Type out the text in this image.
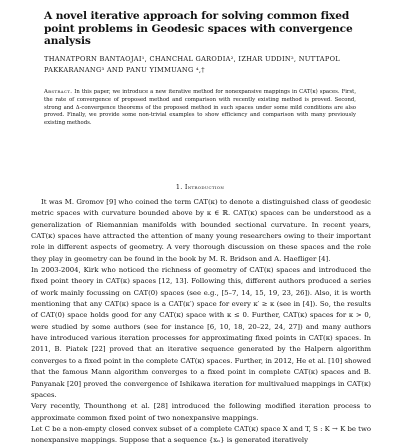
A novel iterative approach for solving common fixed point problems in Geodesic spaces with convergence analysis
THANATPORN BANTAOJAI¹, CHANCHAL GARODIA², IZHAR UDDIN², NUTTAPOL PAKKARANANG³ AND PANU YIMMUANG ⁴,†
Abstract. In this paper, we introduce a new iterative method for nonexpansive mappings in CAT(κ) spaces. First, the rate of convergence of proposed method and comparison with recently existing method is proved. Second, strong and Δ-convergence theorems of the proposed method in such spaces under some mild conditions are also proved. Finally, we provide some non-trivial examples to show efficiency and comparison with many previously existing methods.
1. Introduction

It was M. Gromov [9] who coined the term CAT(κ) to denote a distinguished class of geodesic metric spaces with curvature bounded above by κ ∈ ℝ. CAT(κ) spaces can be understood as a generalization of Riemannian manifolds with bounded sectional curvature. In recent years, CAT(κ) spaces have attracted the attention of many young researchers owing to their important role in different aspects of geometry. A very thorough discussion on these spaces and the role they play in geometry can be found in the book by M. R. Bridson and A. Haefliger [4].

In 2003-2004, Kirk who noticed the richness of geometry of CAT(κ) spaces and introduced the fixed point theory in CAT(κ) spaces [12, 13]. Following this, different authors produced a series of work mainly focussing on CAT(0) spaces (see e.g., [5–7, 14, 15, 19, 23, 26]). Also, it is worth mentioning that any CAT(κ) space is a CAT(κ′) space for every κ′ ≥ κ (see in [4]). So, the results of CAT(0) space holds good for any CAT(κ) space with κ ≤ 0. Further, CAT(κ) spaces for κ > 0, were studied by some authors (see for instance [6, 10, 18, 20–22, 24, 27]) and many authors have introduced various iteration processes for approximating fixed points in CAT(κ) spaces. In 2011, B. Piatek [22] proved that an iterative sequence generated by the Halpern algorithm converges to a fixed point in the complete CAT(κ) spaces. Further, in 2012, He et al. [10] showed that the famous Mann algorithm converges to a fixed point in complete CAT(κ) spaces and B. Panyanak [20] proved the convergence of Ishikawa iteration for multivalued mappings in CAT(κ) spaces.

Very recently, Thounthong et al. [28] introduced the following modified iteration process to approximate common fixed point of two nonexpansive mappings.

Let C be a non-empty closed convex subset of a complete CAT(κ) space X and T, S : K → K be two nonexpansive mappings. Suppose that a sequence {xₙ} is generated iteratively
